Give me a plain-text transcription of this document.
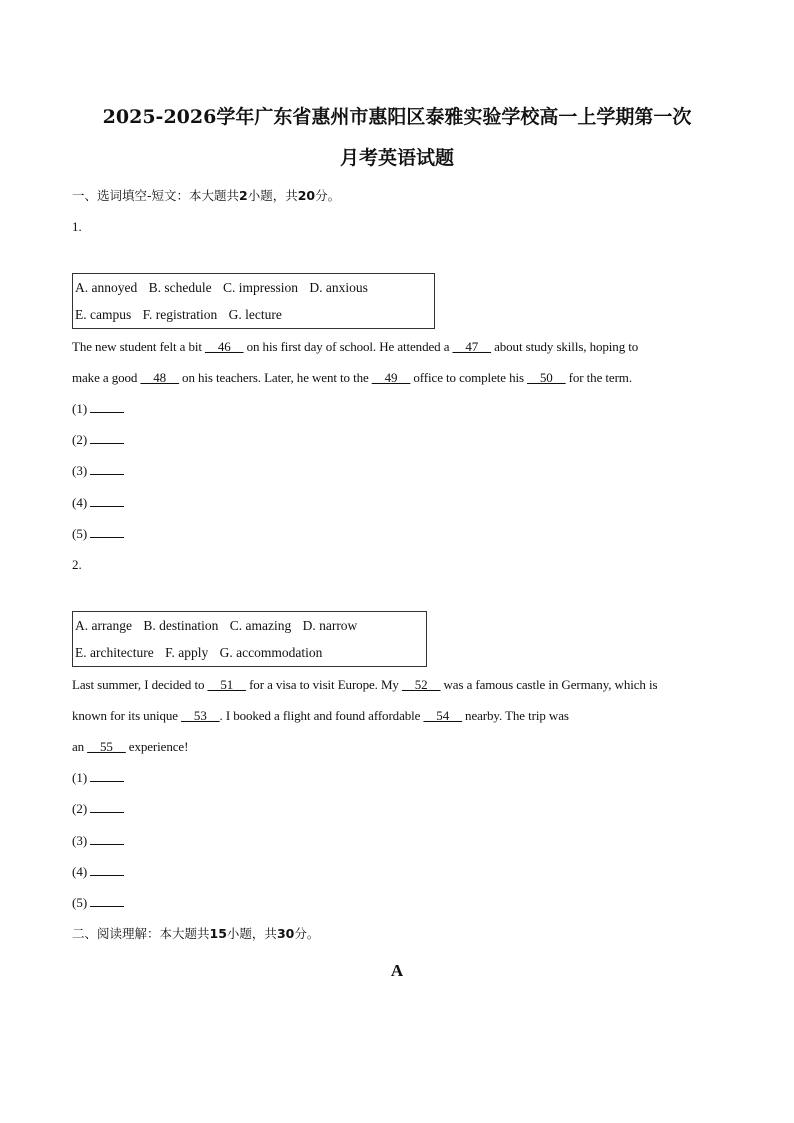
2025-2026学年广东省惠州市惠阳区泰雅实验学校高一上学期第一次
月考英语试题
一、选词填空-短文：本大题共2小题，共20分。
1.
A. annoyed B. schedule C. impression D. anxious
E. campus F. registration G. lecture
The new student felt a bit __46__ on his first day of school. He attended a __47__ about study skills, hoping to
make a good __48__ on his teachers. Later, he went to the __49__ office to complete his __50__ for the term.
(1)
(2)
(3)
(4)
(5)
2.
A. arrange B. destination C. amazing D. narrow
E. architecture F. apply G. accommodation
Last summer, I decided to __51__ for a visa to visit Europe. My __52__ was a famous castle in Germany, which is
known for its unique __53__. I booked a flight and found affordable __54__ nearby. The trip was
an __55__ experience!
(1)
(2)
(3)
(4)
(5)
二、阅读理解：本大题共15小题，共30分。
A
